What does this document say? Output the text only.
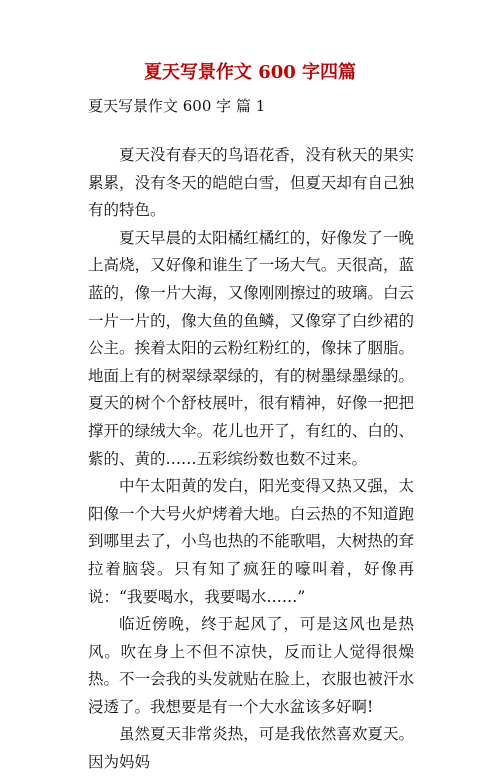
夏天写景作文 600 字四篇
夏天写景作文 600 字 篇 1

夏天没有春天的鸟语花香，没有秋天的果实累累，没有冬天的皑皑白雪，但夏天却有自己独有的特色。

夏天早晨的太阳橘红橘红的，好像发了一晚上高烧，又好像和谁生了一场大气。天很高，蓝蓝的，像一片大海，又像刚刚擦过的玻璃。白云一片一片的，像大鱼的鱼鳞，又像穿了白纱裙的公主。挨着太阳的云粉红粉红的，像抹了胭脂。地面上有的树翠绿翠绿的，有的树墨绿墨绿的。夏天的树个个舒枝展叶，很有精神，好像一把把撑开的绿绒大伞。花儿也开了，有红的、白的、紫的、黄的……五彩缤纷数也数不过来。

中午太阳黄的发白，阳光变得又热又强，太阳像一个大号火炉烤着大地。白云热的不知道跑到哪里去了，小鸟也热的不能歌唱，大树热的耷拉着脑袋。只有知了疯狂的嚎叫着，好像再说：“我要喝水，我要喝水……”

临近傍晚，终于起风了，可是这风也是热风。吹在身上不但不凉快，反而让人觉得很燥热。不一会我的头发就贴在脸上，衣服也被汗水浸透了。我想要是有一个大水盆该多好啊!

虽然夏天非常炎热，可是我依然喜欢夏天。因为妈妈
